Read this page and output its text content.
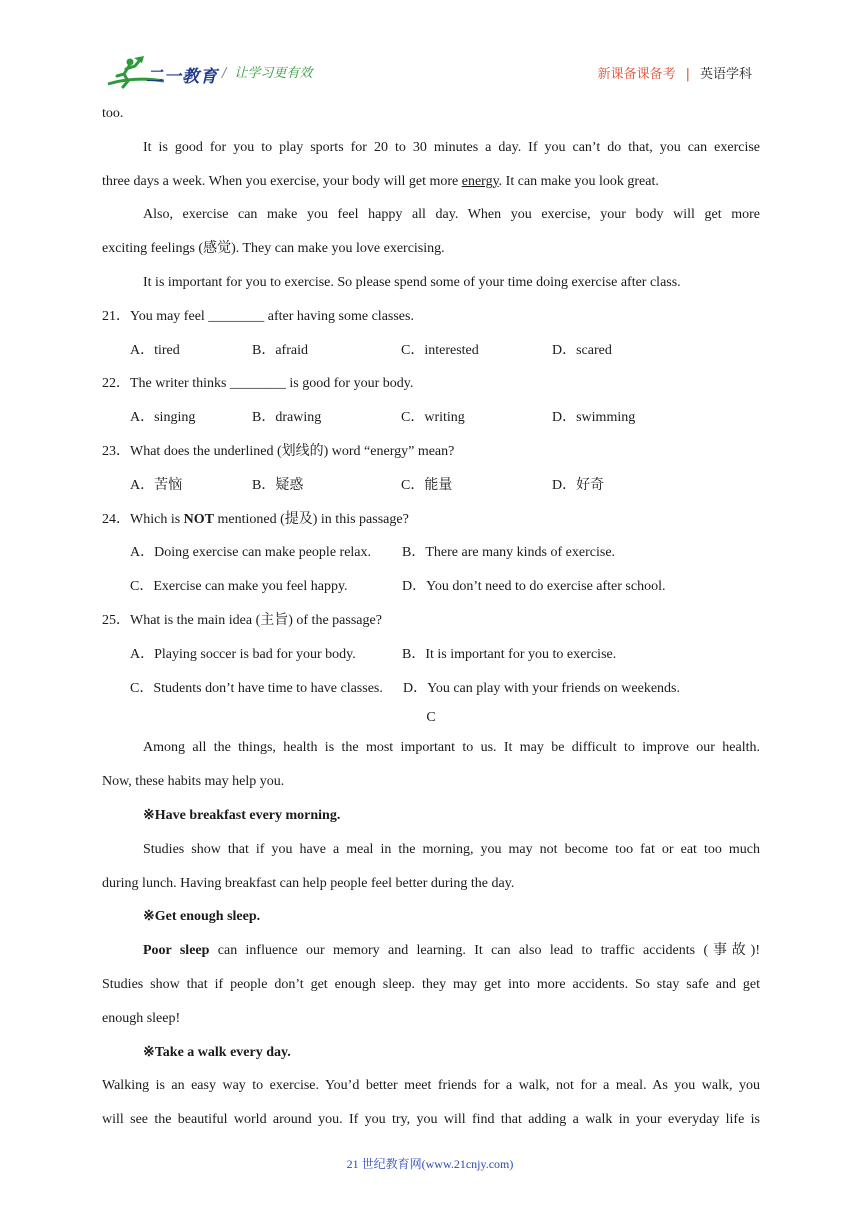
二一教育 / 让学习更有效	新课备课备考 | 英语学科
too.
It is good for you to play sports for 20 to 30 minutes a day. If you can’t do that, you can exercise
three days a week. When you exercise, your body will get more energy. It can make you look great.
Also, exercise can make you feel happy all day. When you exercise, your body will get more
exciting feelings (感觉). They can make you love exercising.
It is important for you to exercise. So please spend some of your time doing exercise after class.
21．You may feel ________ after having some classes.
A．tired	B．afraid	C．interested	D．scared
22．The writer thinks ________ is good for your body.
A．singing	B．drawing	C．writing	D．swimming
23．What does the underlined (划线的) word “energy” mean?
A．苦恼	B．疑惑	C．能量	D．好奇
24．Which is NOT mentioned (提及) in this passage?
A．Doing exercise can make people relax. B．There are many kinds of exercise.
C．Exercise can make you feel happy.	D．You don’t need to do exercise after school.
25．What is the main idea (主旨) of the passage?
A．Playing soccer is bad for your body.	B．It is important for you to exercise.
C．Students don’t have time to have classes. D．You can play with your friends on weekends.
C
Among all the things, health is the most important to us. It may be difficult to improve our health.
Now, these habits may help you.
※Have breakfast every morning.
Studies show that if you have a meal in the morning, you may not become too fat or eat too much
during lunch. Having breakfast can help people feel better during the day.
※Get enough sleep.
Poor sleep can influence our memory and learning. It can also lead to traffic accidents (事故)!
Studies show that if people don’t get enough sleep. they may get into more accidents. So stay safe and get
enough sleep!
※Take a walk every day.
Walking is an easy way to exercise. You’d better meet friends for a walk, not for a meal. As you walk, you
will see the beautiful world around you. If you try, you will find that adding a walk in your everyday life is
21 世纪教育网(www.21cnjy.com)
